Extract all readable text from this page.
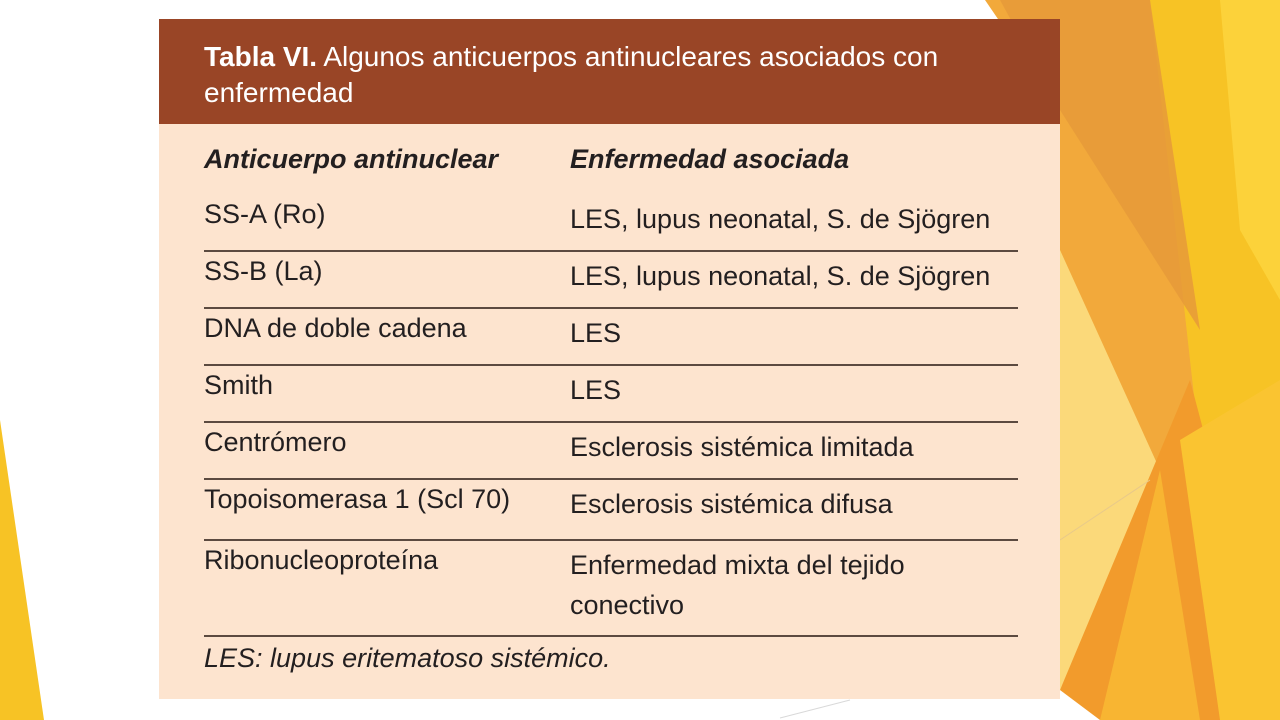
Tabla VI. Algunos anticuerpos antinucleares asociados con enfermedad
Anticuerpo antinuclear	Enfermedad asociada
SS-A (Ro)	LES, lupus neonatal, S. de Sjögren
SS-B (La)	LES, lupus neonatal, S. de Sjögren
DNA de doble cadena	LES
Smith	LES
Centrómero	Esclerosis sistémica limitada
Topoisomerasa 1 (Scl 70)	Esclerosis sistémica difusa
Ribonucleoproteína	Enfermedad mixta del tejido conectivo
LES: lupus eritematoso sistémico.
